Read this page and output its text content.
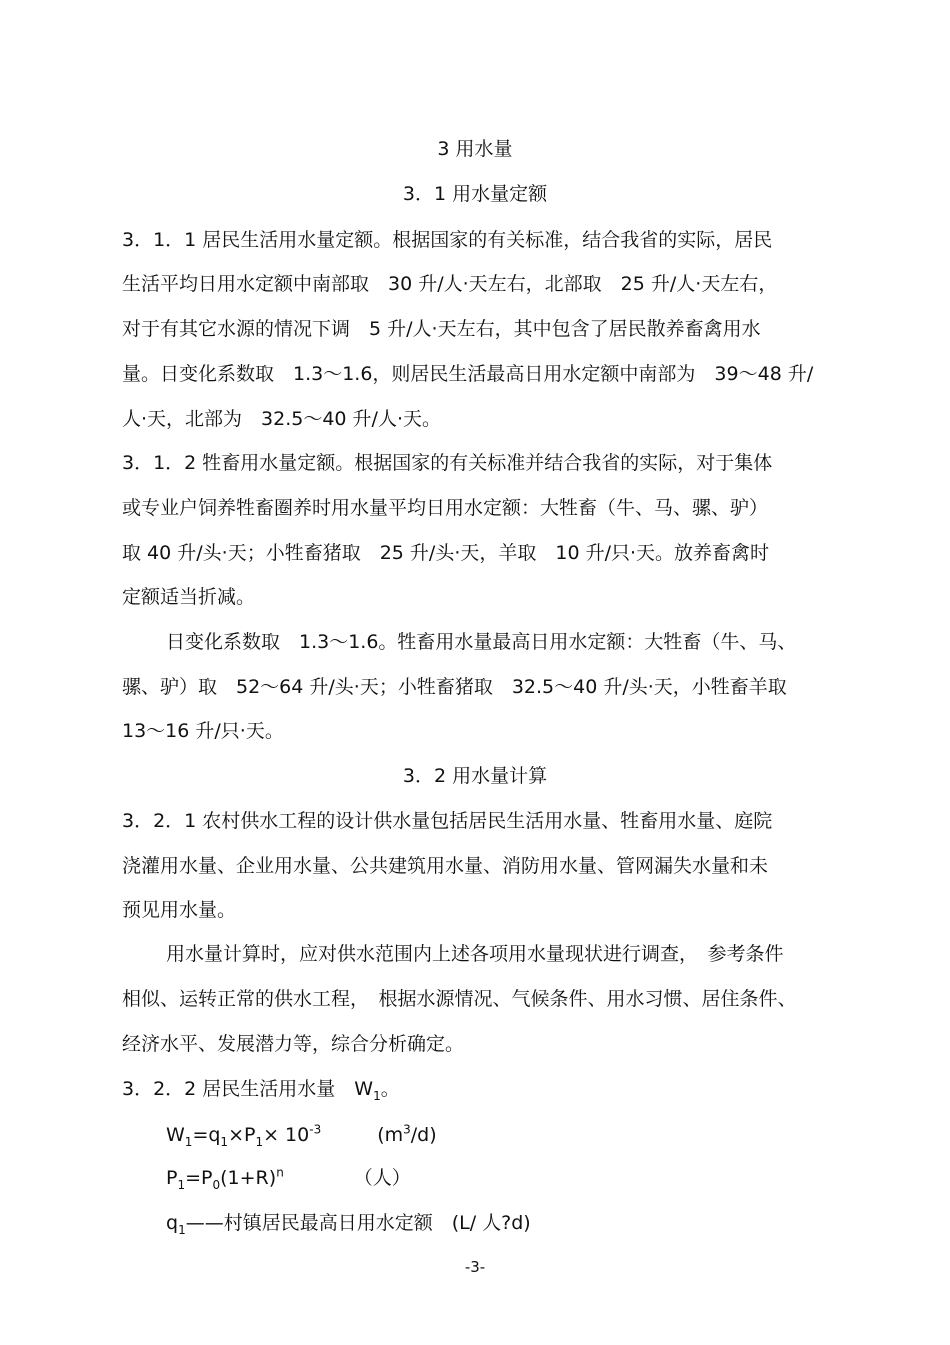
3 用水量
3．1 用水量定额
3．1．1 居民生活用水量定额。根据国家的有关标准，结合我省的实际，居民
生活平均日用水定额中南部取　30 升/人·天左右，北部取　25 升/人·天左右，
对于有其它水源的情况下调　5 升/人·天左右，其中包含了居民散养畜禽用水
量。日变化系数取　1.3～1.6，则居民生活最高日用水定额中南部为　39～48 升/
人·天，北部为　32.5～40 升/人·天。
3．1．2 牲畜用水量定额。根据国家的有关标准并结合我省的实际，对于集体
或专业户饲养牲畜圈养时用水量平均日用水定额：大牲畜（牛、马、骡、驴）
取 40 升/头·天；小牲畜猪取　25 升/头·天，羊取　10 升/只·天。放养畜禽时
定额适当折减。
日变化系数取　1.3～1.6。牲畜用水量最高日用水定额：大牲畜（牛、马、
骡、驴）取　52～64 升/头·天；小牲畜猪取　32.5～40 升/头·天，小牲畜羊取
13～16 升/只·天。
3．2 用水量计算
3．2．1 农村供水工程的设计供水量包括居民生活用水量、牲畜用水量、庭院
浇灌用水量、企业用水量、公共建筑用水量、消防用水量、管网漏失水量和未
预见用水量。
用水量计算时，应对供水范围内上述各项用水量现状进行调查，　参考条件
相似、运转正常的供水工程，　根据水源情况、气候条件、用水习惯、居住条件、
经济水平、发展潜力等，综合分析确定。
3．2．2 居民生活用水量　$W_1$。
$W_1=q_1\times P_1\times 10^{-3}$	$(m^3/d)$
$P_1=P_0(1+R)^n$	（人）
$q_1——$村镇居民最高日用水定额　(L/ 人?d)
-3-
